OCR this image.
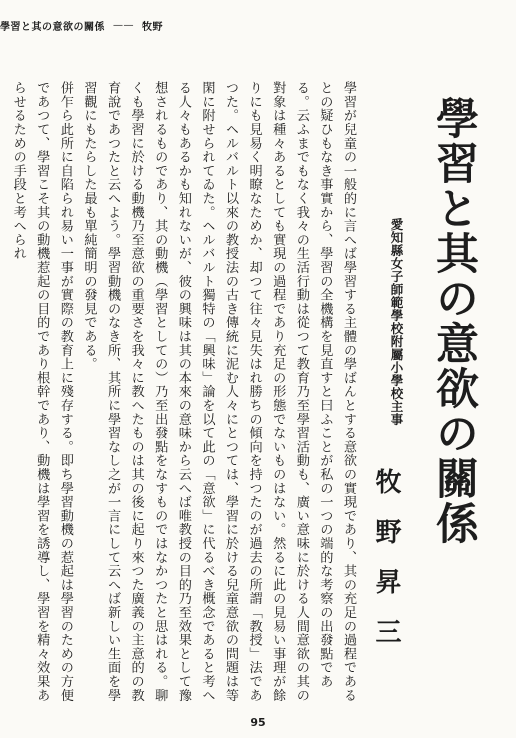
學習と其の意欲の關係 —— 牧野
學習と其の意欲の關係
愛知縣女子師範學校附屬小學校主事
牧野昇三

學習が兒童の一般的に言へば學習する主體の學ばんとする意欲の實現であり、其の充足の過程であるとの疑ひもなき事實から、學習の全機構を見直すと曰ふことが私の一つの端的な考察の出發點である。云ふまでもなく我々の生活行動は從つて教育乃至學習活動も、廣い意味に於ける人間意欲の其の對象は種々あるとしても實現の過程であり充足の形態でないものはない。然るに此の見易い事理が餘りにも見易く明瞭なためか、却つて往々見失はれ勝ちの傾向を持つたのが過去の所謂「教授」法であつた。ヘルバルト以來の教授法の古き傳統に泥む人々にとつては、學習に於ける兒童意欲の問題は等閑に附せられてゐた。ヘルバルト獨特の「興味」論を以て此の「意欲」に代るべき概念であると考へる人々もあるかも知れないが、彼の興味は其の本來の意味から云へば唯教授の目的乃至效果として豫想されるものであり、其の動機（學習としての）乃至出發點をなすものではなかつたと思はれる。聊くも學習に於ける動機乃至意欲の重要さを我々に教へたものは其の後に起り來つた廣義の主意的の教育說であつたと云へよう。學習動機のなき所、其所に學習なし之が一言にして云へば新しい生面を學習觀にもたらした最も單純簡明の發見である。

併乍ら此所に自陷られ易い一事が實際の教育上に殘存する。即ち學習動機の惹起は學習のための方便であつて、學習こそ其の動機惹起の目的であり根幹であり、動機は學習を誘導し、學習を精々效果あらせるための手段と考へられ

95
